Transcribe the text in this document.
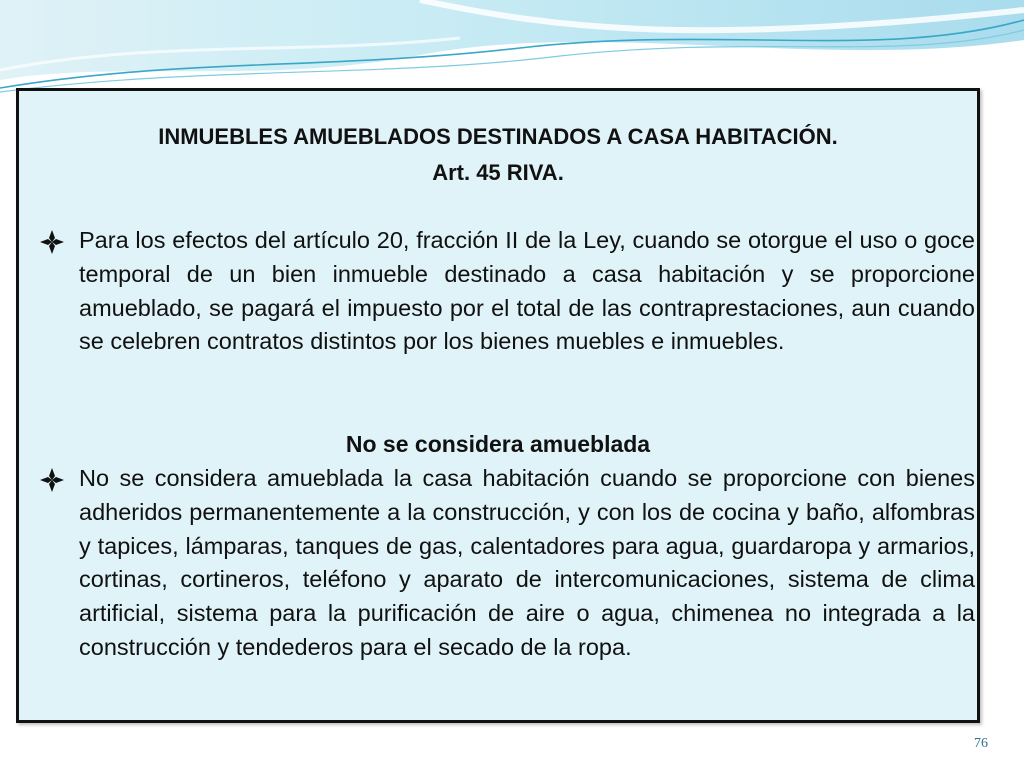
INMUEBLES AMUEBLADOS DESTINADOS A CASA HABITACIÓN.
Art. 45 RIVA.

Para los efectos del artículo 20, fracción II de la Ley, cuando se otorgue el uso o goce temporal de un bien inmueble destinado a casa habitación y se proporcione amueblado, se pagará el impuesto por el total de las contraprestaciones, aun cuando se celebren contratos distintos por los bienes muebles e inmuebles.

No se considera amueblada

No se considera amueblada la casa habitación cuando se proporcione con bienes adheridos permanentemente a la construcción, y con los de cocina y baño, alfombras y tapices, lámparas, tanques de gas, calentadores para agua, guardaropa y armarios, cortinas, cortineros, teléfono y aparato de intercomunicaciones, sistema de clima artificial, sistema para la purificación de aire o agua, chimenea no integrada a la construcción y tendederos para el secado de la ropa.

76
